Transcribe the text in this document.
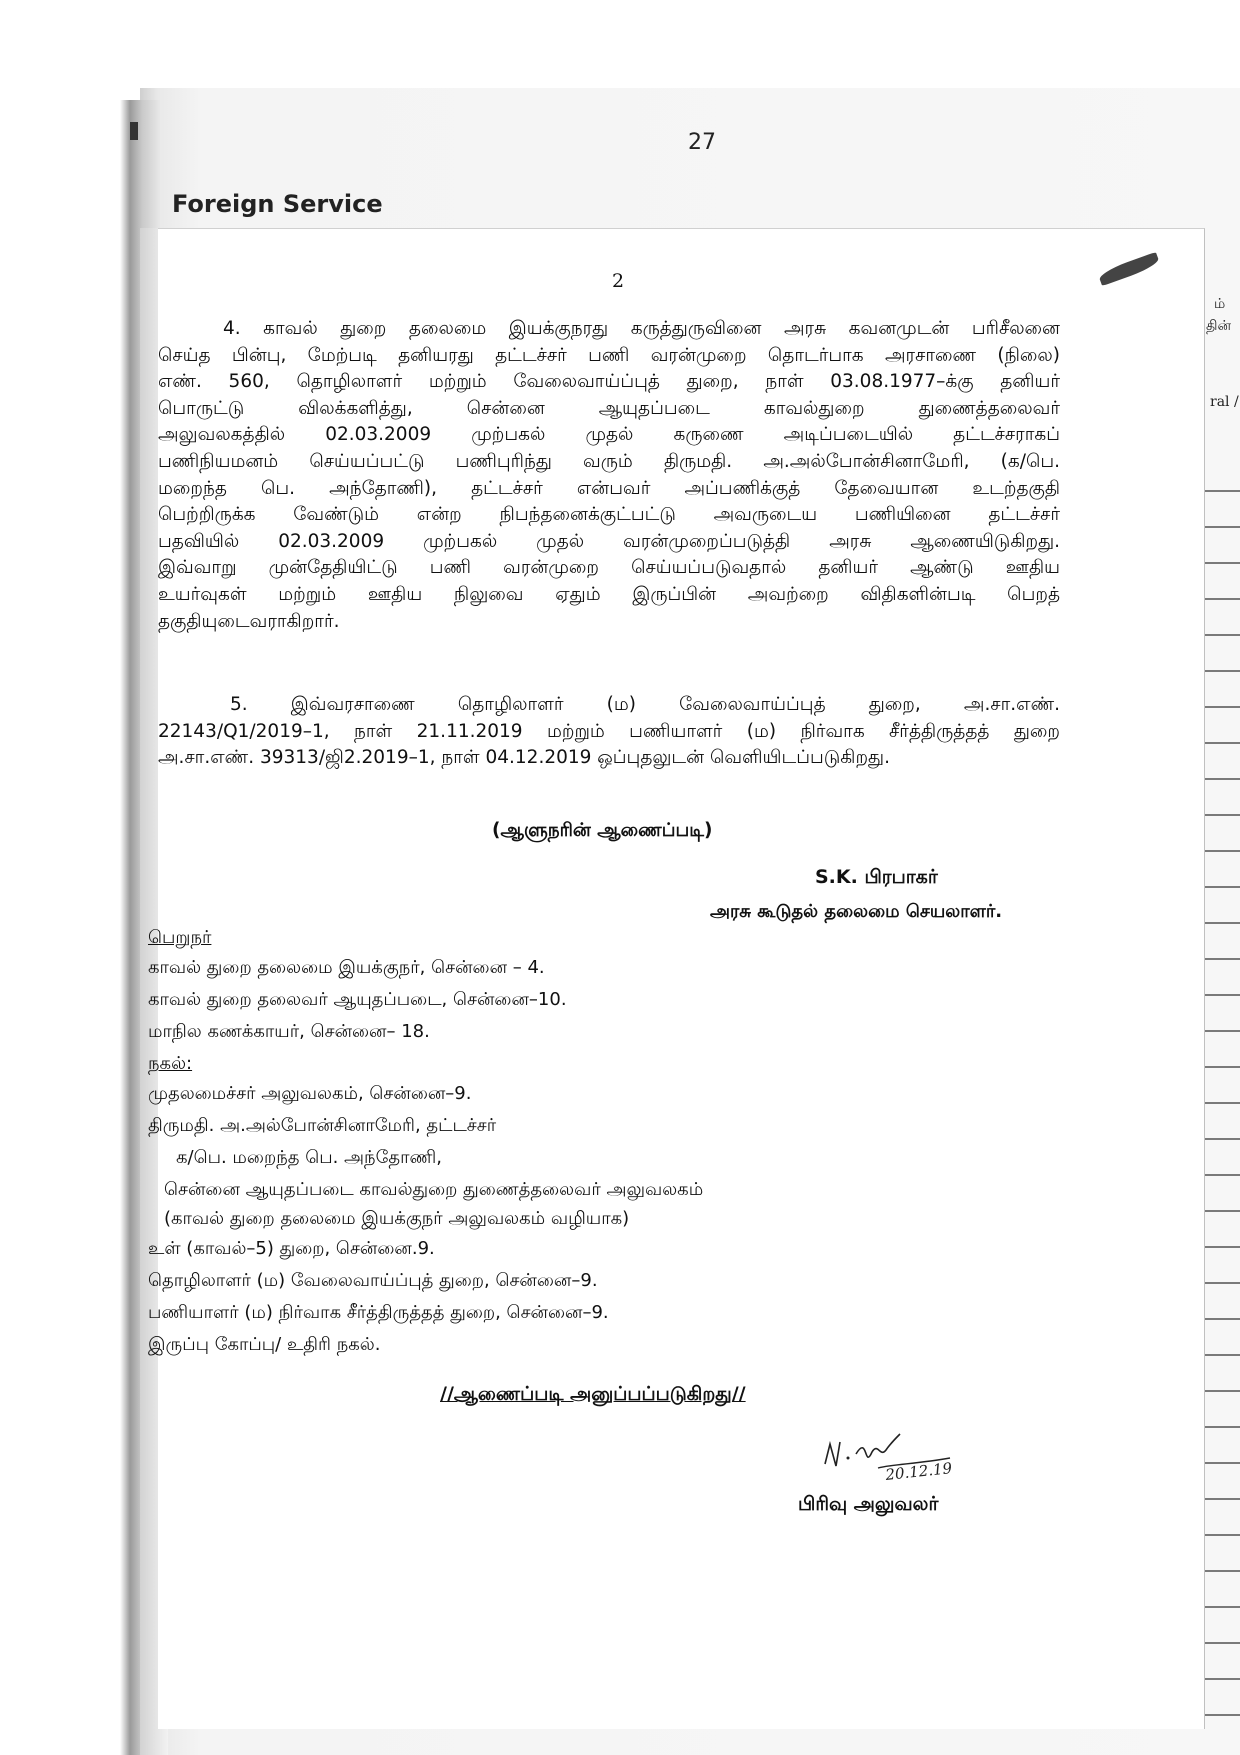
27
Foreign Service
ம்
தின்
ral /
2
4. காவல் துறை தலைமை இயக்குநரது கருத்துருவினை அரசு கவனமுடன் பரிசீலனை
செய்த பின்பு, மேற்படி தனியரது தட்டச்சர் பணி வரன்முறை தொடர்பாக அரசாணை (நிலை)
எண். 560, தொழிலாளர் மற்றும் வேலைவாய்ப்புத் துறை, நாள் 03.08.1977–க்கு தனியர்
பொருட்டு விலக்களித்து, சென்னை ஆயுதப்படை காவல்துறை துணைத்தலைவர்
அலுவலகத்தில் 02.03.2009 முற்பகல் முதல் கருணை அடிப்படையில் தட்டச்சராகப்
பணிநியமனம் செய்யப்பட்டு பணிபுரிந்து வரும் திருமதி. அ.அல்போன்சினாமேரி, (க/பெ.
மறைந்த பெ. அந்தோணி), தட்டச்சர் என்பவர் அப்பணிக்குத் தேவையான உடற்தகுதி
பெற்றிருக்க வேண்டும் என்ற நிபந்தனைக்குட்பட்டு அவருடைய பணியினை தட்டச்சர்
பதவியில் 02.03.2009 முற்பகல் முதல் வரன்முறைப்படுத்தி அரசு ஆணையிடுகிறது.
இவ்வாறு முன்தேதியிட்டு பணி வரன்முறை செய்யப்படுவதால் தனியர் ஆண்டு ஊதிய
உயர்வுகள் மற்றும் ஊதிய நிலுவை ஏதும் இருப்பின் அவற்றை விதிகளின்படி பெறத்
தகுதியுடைவராகிறார்.
5. இவ்வரசாணை தொழிலாளர் (ம) வேலைவாய்ப்புத் துறை, அ.சா.எண்.
22143/Q1/2019–1, நாள் 21.11.2019 மற்றும் பணியாளர் (ம) நிர்வாக சீர்த்திருத்தத் துறை
அ.சா.எண். 39313/ஜி2.2019–1, நாள் 04.12.2019 ஒப்புதலுடன் வெளியிடப்படுகிறது.
(ஆளுநரின் ஆணைப்படி)
S.K. பிரபாகர்
அரசு கூடுதல் தலைமை செயலாளர்.
பெறுநர்
காவல் துறை தலைமை இயக்குநர், சென்னை – 4.
காவல் துறை தலைவர் ஆயுதப்படை, சென்னை–10.
மாநில கணக்காயர், சென்னை– 18.
நகல்:
முதலமைச்சர் அலுவலகம், சென்னை–9.
திருமதி. அ.அல்போன்சினாமேரி, தட்டச்சர்
க/பெ. மறைந்த பெ. அந்தோணி,
சென்னை ஆயுதப்படை காவல்துறை துணைத்தலைவர் அலுவலகம்
(காவல் துறை தலைமை இயக்குநர் அலுவலகம் வழியாக)
உள் (காவல்–5) துறை, சென்னை.9.
தொழிலாளர் (ம) வேலைவாய்ப்புத் துறை, சென்னை–9.
பணியாளர் (ம) நிர்வாக சீர்த்திருத்தத் துறை, சென்னை–9.
இருப்பு கோப்பு/ உதிரி நகல்.
//ஆணைப்படி அனுப்பப்படுகிறது//
20.12.19
பிரிவு அலுவலர்
